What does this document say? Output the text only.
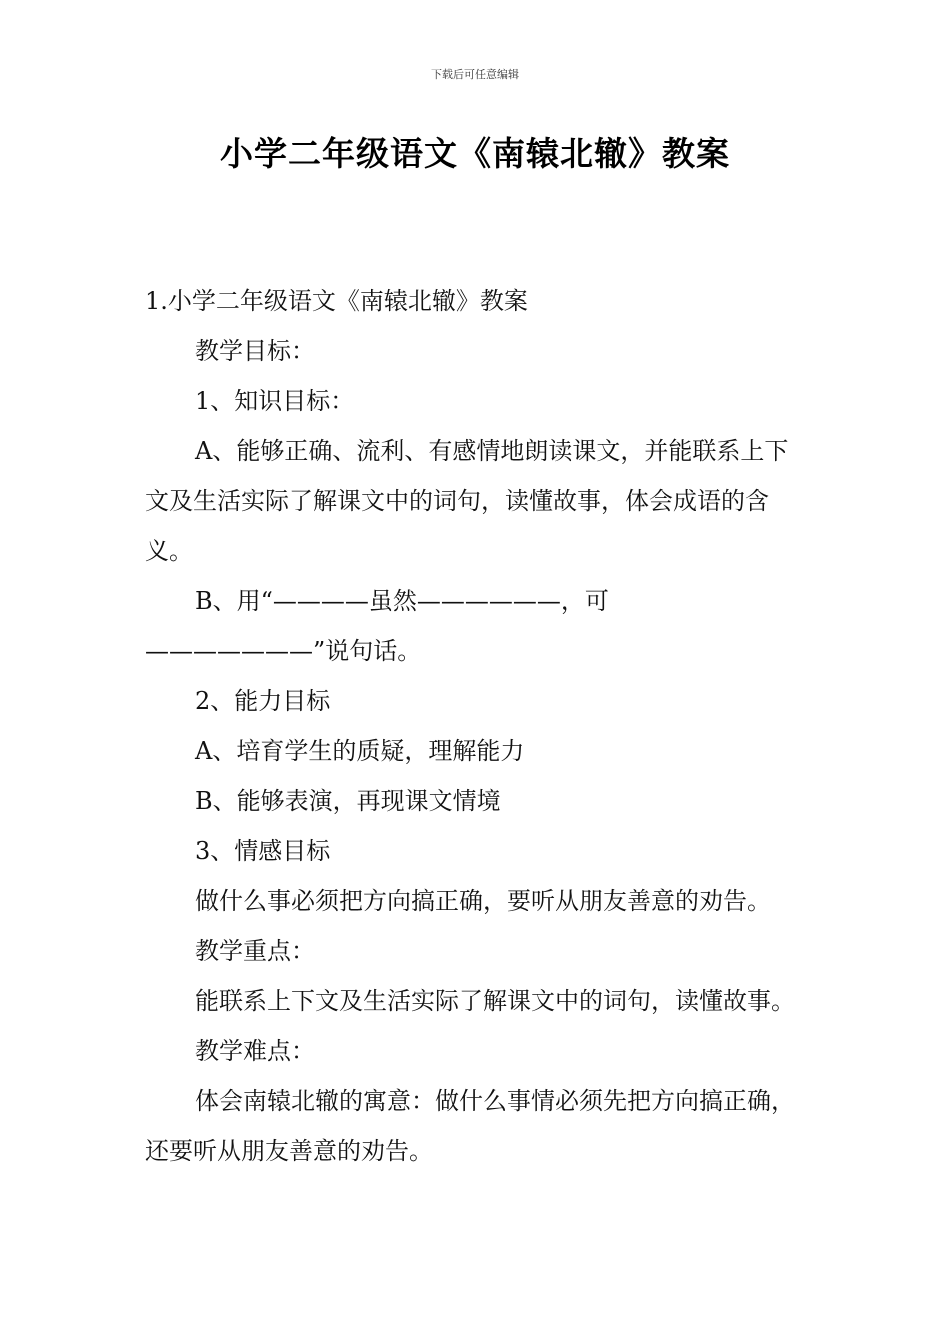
下载后可任意编辑
小学二年级语文《南辕北辙》教案

1.小学二年级语文《南辕北辙》教案

教学目标：

1、知识目标：

A、能够正确、流利、有感情地朗读课文，并能联系上下文及生活实际了解课文中的词句，读懂故事，体会成语的含义。

B、用“————虽然——————，可———————”说句话。

2、能力目标

A、培育学生的质疑，理解能力

B、能够表演，再现课文情境

3、情感目标

做什么事必须把方向搞正确，要听从朋友善意的劝告。

教学重点：

能联系上下文及生活实际了解课文中的词句，读懂故事。

教学难点：

体会南辕北辙的寓意：做什么事情必须先把方向搞正确，还要听从朋友善意的劝告。
